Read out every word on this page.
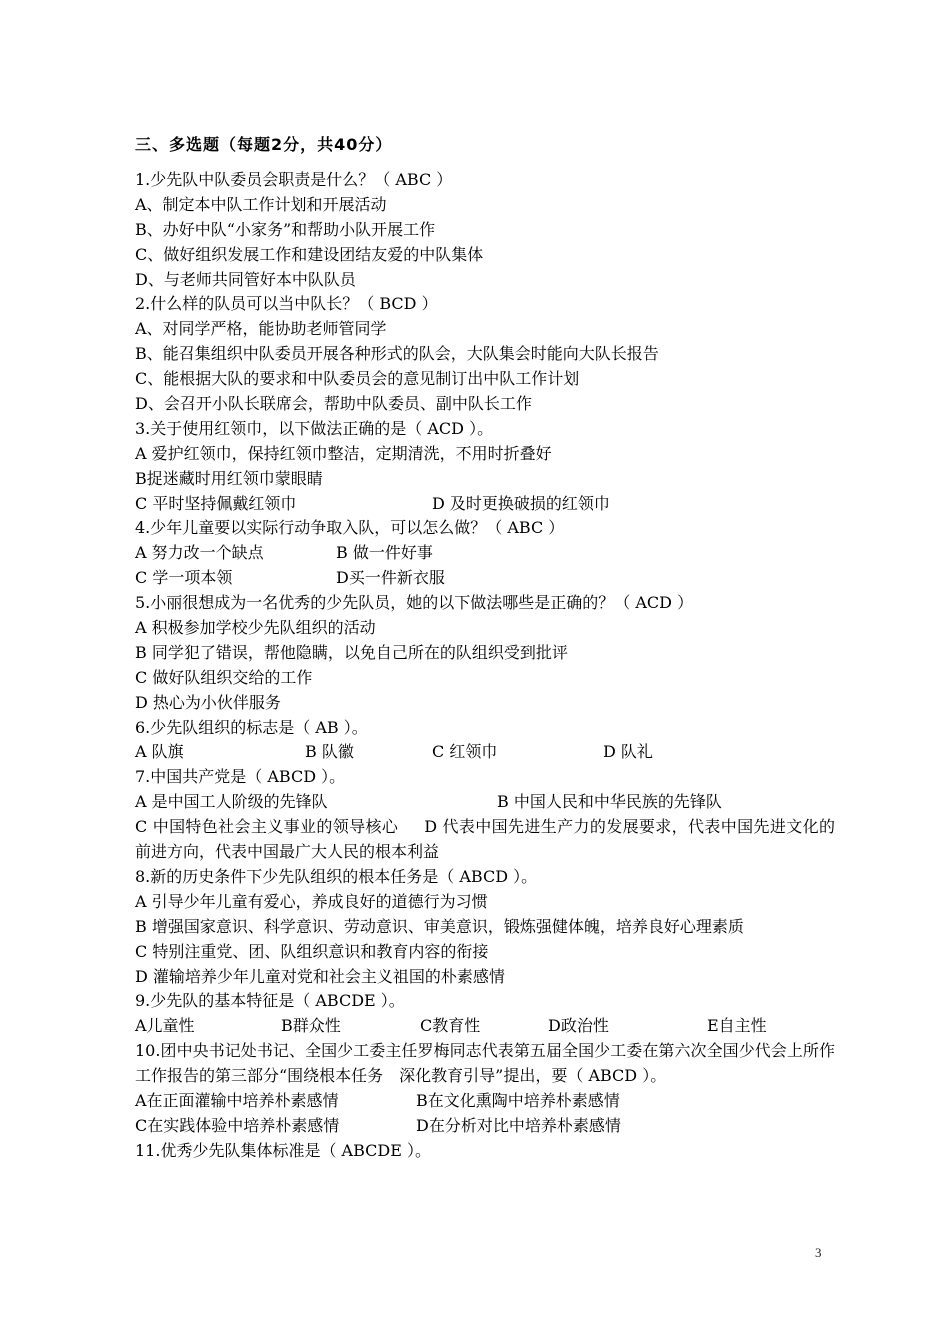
三、多选题（每题2分，共40分）
1.少先队中队委员会职责是什么？（ ABC ）
A、制定本中队工作计划和开展活动
B、办好中队“小家务”和帮助小队开展工作
C、做好组织发展工作和建设团结友爱的中队集体
D、与老师共同管好本中队队员
2.什么样的队员可以当中队长？（ BCD ）
A、对同学严格，能协助老师管同学
B、能召集组织中队委员开展各种形式的队会，大队集会时能向大队长报告
C、能根据大队的要求和中队委员会的意见制订出中队工作计划
D、会召开小队长联席会，帮助中队委员、副中队长工作
3.关于使用红领巾，以下做法正确的是（ ACD ）。
A 爱护红领巾，保持红领巾整洁，定期清洗，不用时折叠好
B捉迷藏时用红领巾蒙眼睛
C 平时坚持佩戴红领巾	D 及时更换破损的红领巾
4.少年儿童要以实际行动争取入队，可以怎么做？（ ABC ）
A 努力改一个缺点	B 做一件好事
C 学一项本领	D买一件新衣服
5.小丽很想成为一名优秀的少先队员，她的以下做法哪些是正确的？（ ACD ）
A 积极参加学校少先队组织的活动
B 同学犯了错误，帮他隐瞒，以免自己所在的队组织受到批评
C 做好队组织交给的工作
D 热心为小伙伴服务
6.少先队组织的标志是（ AB ）。
A 队旗	B 队徽	C 红领巾	D 队礼
7.中国共产党是（ ABCD ）。
A 是中国工人阶级的先锋队	B 中国人民和中华民族的先锋队
C 中国特色社会主义事业的领导核心 D 代表中国先进生产力的发展要求，代表中国先进文化的前进方向，代表中国最广大人民的根本利益
8.新的历史条件下少先队组织的根本任务是（ ABCD ）。
A 引导少年儿童有爱心，养成良好的道德行为习惯
B 增强国家意识、科学意识、劳动意识、审美意识，锻炼强健体魄，培养良好心理素质
C 特别注重党、团、队组织意识和教育内容的衔接
D 灌输培养少年儿童对党和社会主义祖国的朴素感情
9.少先队的基本特征是（ ABCDE ）。
A儿童性	B群众性	C教育性	D政治性	E自主性
10.团中央书记处书记、全国少工委主任罗梅同志代表第五届全国少工委在第六次全国少代会上所作工作报告的第三部分“围绕根本任务　深化教育引导”提出，要（ ABCD ）。
A在正面灌输中培养朴素感情	B在文化熏陶中培养朴素感情
C在实践体验中培养朴素感情	D在分析对比中培养朴素感情
11.优秀少先队集体标准是（ ABCDE ）。
3
